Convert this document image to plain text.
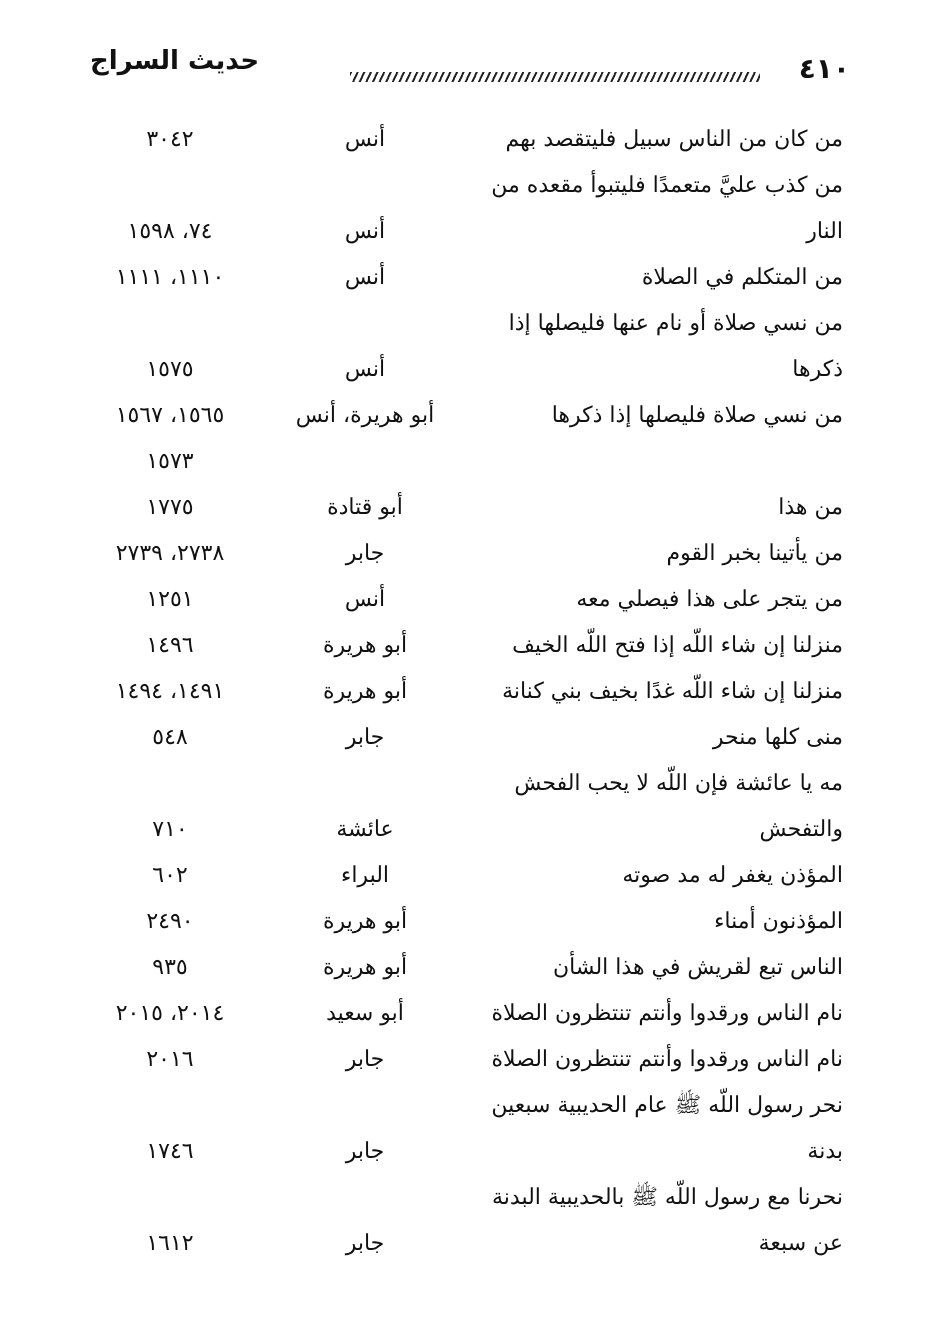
حديث السراج	٤١٠
من كان من الناس سبيل فليتقصد بهم
أنس
٣٠٤٢
من كذب عليَّ متعمدًا فليتبوأ مقعده من
النار
أنس
٧٤، ١٥٩٨
من المتكلم في الصلاة
أنس
١١١٠، ١١١١
من نسي صلاة أو نام عنها فليصلها إذا
ذكرها
أنس
١٥٧٥
من نسي صلاة فليصلها إذا ذكرها
أبو هريرة، أنس
١٥٦٥، ١٥٦٧
١٥٧٣
من هذا
أبو قتادة
١٧٧٥
من يأتينا بخبر القوم
جابر
٢٧٣٨، ٢٧٣٩
من يتجر على هذا فيصلي معه
أنس
١٢٥١
منزلنا إن شاء اللّه إذا فتح اللّه الخيف
أبو هريرة
١٤٩٦
منزلنا إن شاء اللّه غدًا بخيف بني كنانة
أبو هريرة
١٤٩١، ١٤٩٤
منى كلها منحر
جابر
٥٤٨
مه يا عائشة فإن اللّه لا يحب الفحش
والتفحش
عائشة
٧١٠
المؤذن يغفر له مد صوته
البراء
٦٠٢
المؤذنون أمناء
أبو هريرة
٢٤٩٠
الناس تبع لقريش في هذا الشأن
أبو هريرة
٩٣٥
نام الناس ورقدوا وأنتم تنتظرون الصلاة
أبو سعيد
٢٠١٤، ٢٠١٥
نام الناس ورقدوا وأنتم تنتظرون الصلاة
جابر
٢٠١٦
نحر رسول اللّه ﷺ عام الحديبية سبعين
بدنة
جابر
١٧٤٦
نحرنا مع رسول اللّه ﷺ بالحديبية البدنة
عن سبعة
جابر
١٦١٢
